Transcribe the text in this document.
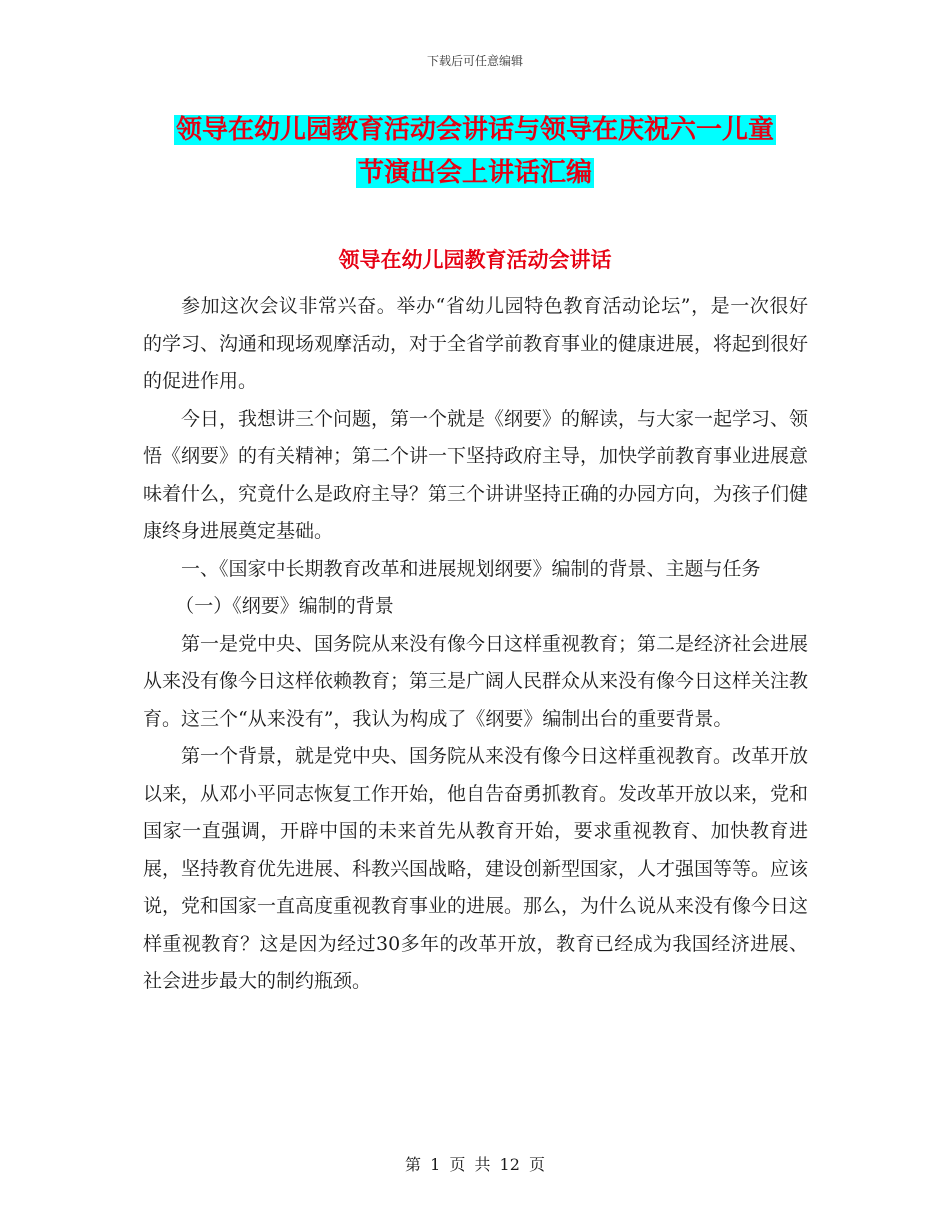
下载后可任意编辑
领导在幼儿园教育活动会讲话与领导在庆祝六一儿童
节演出会上讲话汇编
领导在幼儿园教育活动会讲话

参加这次会议非常兴奋。举办“省幼儿园特色教育活动论坛”，是一次很好的学习、沟通和现场观摩活动，对于全省学前教育事业的健康进展，将起到很好的促进作用。

今日，我想讲三个问题，第一个就是《纲要》的解读，与大家一起学习、领悟《纲要》的有关精神；第二个讲一下坚持政府主导，加快学前教育事业进展意味着什么，究竟什么是政府主导？第三个讲讲坚持正确的办园方向，为孩子们健康终身进展奠定基础。

一、《国家中长期教育改革和进展规划纲要》编制的背景、主题与任务

（一）《纲要》编制的背景

第一是党中央、国务院从来没有像今日这样重视教育；第二是经济社会进展从来没有像今日这样依赖教育；第三是广阔人民群众从来没有像今日这样关注教育。这三个“从来没有”，我认为构成了《纲要》编制出台的重要背景。

第一个背景，就是党中央、国务院从来没有像今日这样重视教育。改革开放以来，从邓小平同志恢复工作开始，他自告奋勇抓教育。发改革开放以来，党和国家一直强调，开辟中国的未来首先从教育开始，要求重视教育、加快教育进展，坚持教育优先进展、科教兴国战略，建设创新型国家，人才强国等等。应该说，党和国家一直高度重视教育事业的进展。那么，为什么说从来没有像今日这样重视教育？这是因为经过30多年的改革开放，教育已经成为我国经济进展、社会进步最大的制约瓶颈。

第 1 页 共 12 页
